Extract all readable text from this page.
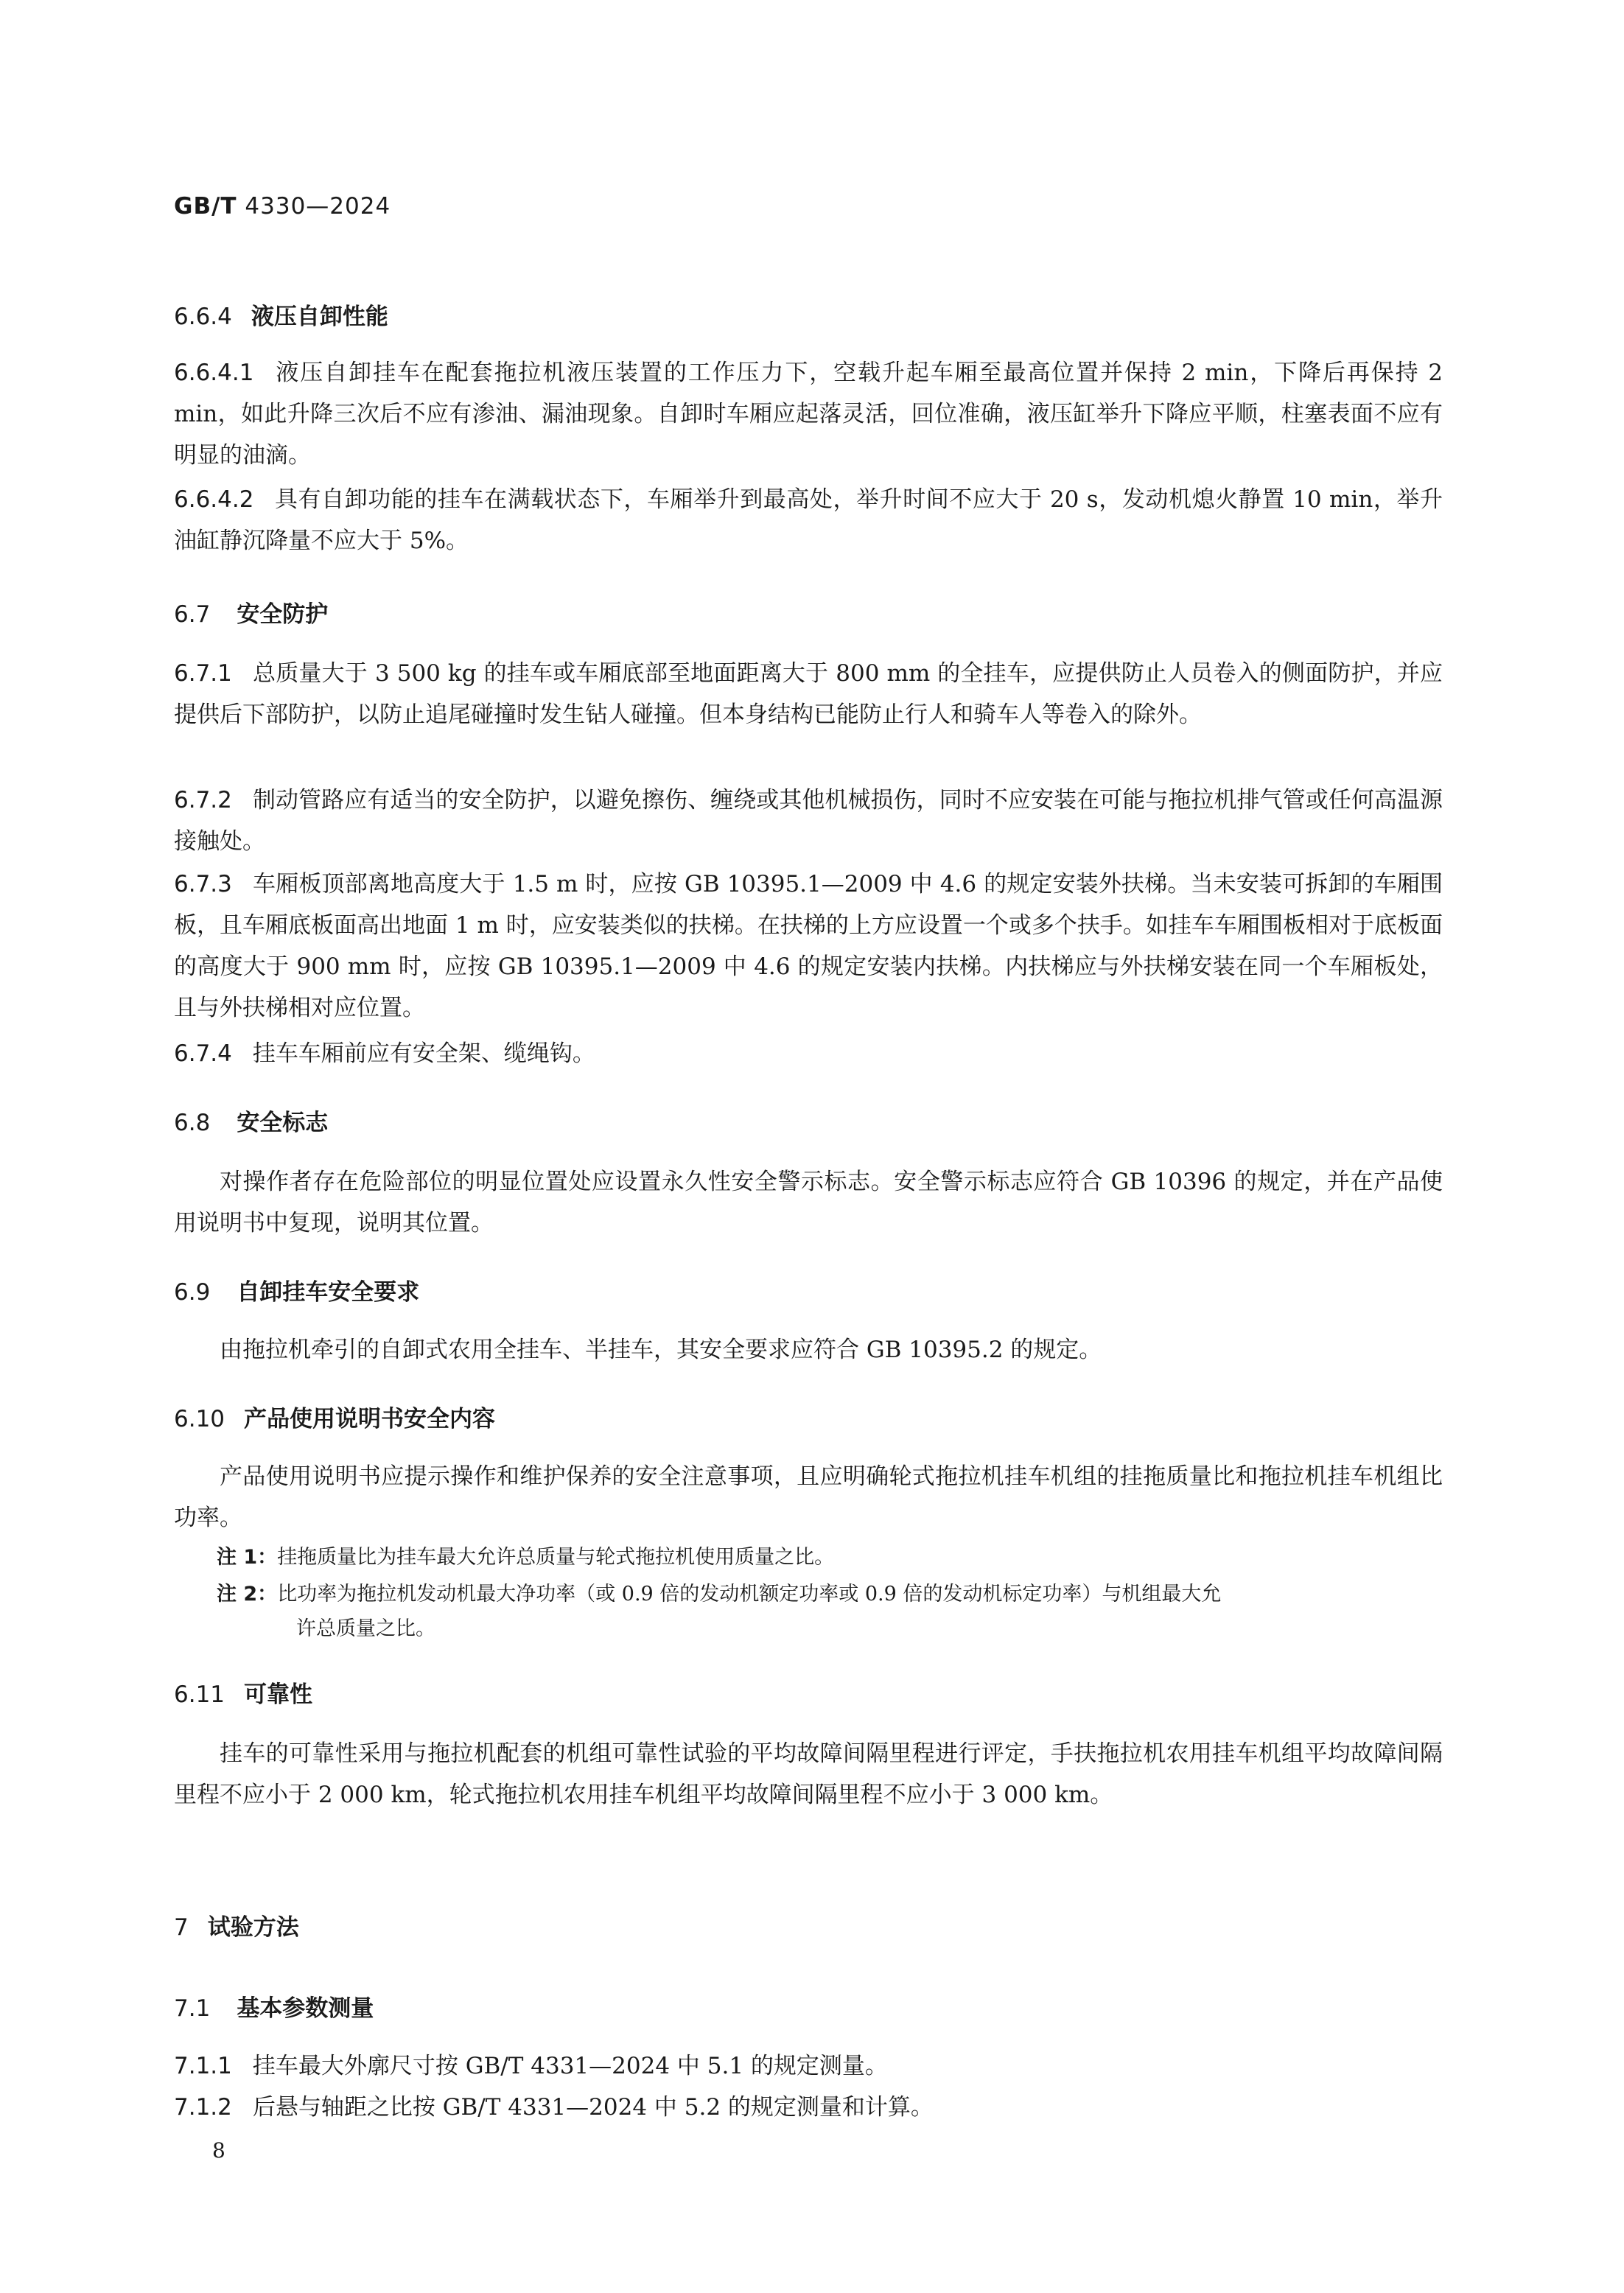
GB/T 4330—2024
6.6.4 液压自卸性能
6.6.4.1 液压自卸挂车在配套拖拉机液压装置的工作压力下，空载升起车厢至最高位置并保持 2 min，下降后再保持 2 min，如此升降三次后不应有渗油、漏油现象。自卸时车厢应起落灵活，回位准确，液压缸举升下降应平顺，柱塞表面不应有明显的油滴。
6.6.4.2 具有自卸功能的挂车在满载状态下，车厢举升到最高处，举升时间不应大于 20 s，发动机熄火静置 10 min，举升油缸静沉降量不应大于 5%。
6.7 安全防护
6.7.1 总质量大于 3 500 kg 的挂车或车厢底部至地面距离大于 800 mm 的全挂车，应提供防止人员卷入的侧面防护，并应提供后下部防护，以防止追尾碰撞时发生钻人碰撞。但本身结构已能防止行人和骑车人等卷入的除外。
6.7.2 制动管路应有适当的安全防护，以避免擦伤、缠绕或其他机械损伤，同时不应安装在可能与拖拉机排气管或任何高温源接触处。
6.7.3 车厢板顶部离地高度大于 1.5 m 时，应按 GB 10395.1—2009 中 4.6 的规定安装外扶梯。当未安装可拆卸的车厢围板，且车厢底板面高出地面 1 m 时，应安装类似的扶梯。在扶梯的上方应设置一个或多个扶手。如挂车车厢围板相对于底板面的高度大于 900 mm 时，应按 GB 10395.1—2009 中 4.6 的规定安装内扶梯。内扶梯应与外扶梯安装在同一个车厢板处，且与外扶梯相对应位置。
6.7.4 挂车车厢前应有安全架、缆绳钩。
6.8 安全标志
对操作者存在危险部位的明显位置处应设置永久性安全警示标志。安全警示标志应符合 GB 10396 的规定，并在产品使用说明书中复现，说明其位置。
6.9 自卸挂车安全要求
由拖拉机牵引的自卸式农用全挂车、半挂车，其安全要求应符合 GB 10395.2 的规定。
6.10 产品使用说明书安全内容
产品使用说明书应提示操作和维护保养的安全注意事项，且应明确轮式拖拉机挂车机组的挂拖质量比和拖拉机挂车机组比功率。
注 1：挂拖质量比为挂车最大允许总质量与轮式拖拉机使用质量之比。
注 2：比功率为拖拉机发动机最大净功率（或 0.9 倍的发动机额定功率或 0.9 倍的发动机标定功率）与机组最大允
许总质量之比。
6.11 可靠性
挂车的可靠性采用与拖拉机配套的机组可靠性试验的平均故障间隔里程进行评定，手扶拖拉机农用挂车机组平均故障间隔里程不应小于 2 000 km，轮式拖拉机农用挂车机组平均故障间隔里程不应小于 3 000 km。
7 试验方法
7.1 基本参数测量
7.1.1 挂车最大外廓尺寸按 GB/T 4331—2024 中 5.1 的规定测量。
7.1.2 后悬与轴距之比按 GB/T 4331—2024 中 5.2 的规定测量和计算。
8
